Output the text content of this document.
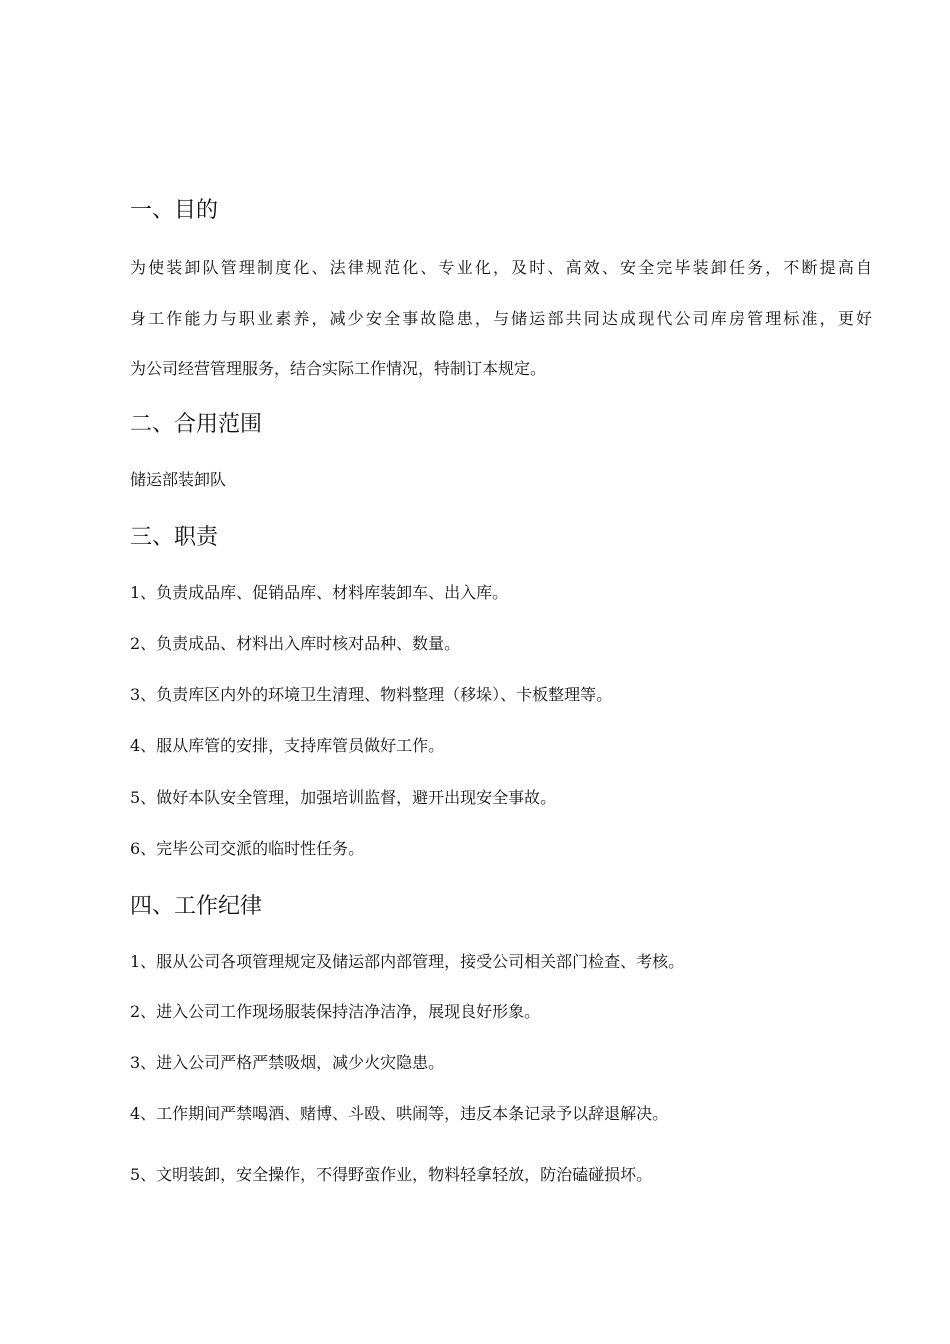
一、目的
为使装卸队管理制度化、法律规范化、专业化，及时、高效、安全完毕装卸任务，不断提高自
身工作能力与职业素养，减少安全事故隐患，与储运部共同达成现代公司库房管理标准，更好
为公司经营管理服务，结合实际工作情况，特制订本规定。
二、合用范围
储运部装卸队
三、职责
1、负责成品库、促销品库、材料库装卸车、出入库。
2、负责成品、材料出入库时核对品种、数量。
3、负责库区内外的环境卫生清理、物料整理（移垛）、卡板整理等。
4、服从库管的安排，支持库管员做好工作。
5、做好本队安全管理，加强培训监督，避开出现安全事故。
6、完毕公司交派的临时性任务。
四、工作纪律
1、服从公司各项管理规定及储运部内部管理，接受公司相关部门检查、考核。
2、进入公司工作现场服装保持洁净洁净，展现良好形象。
3、进入公司严格严禁吸烟，减少火灾隐患。
4、工作期间严禁喝酒、赌博、斗殴、哄闹等，违反本条记录予以辞退解决。
5、文明装卸，安全操作，不得野蛮作业，物料轻拿轻放，防治磕碰损坏。
